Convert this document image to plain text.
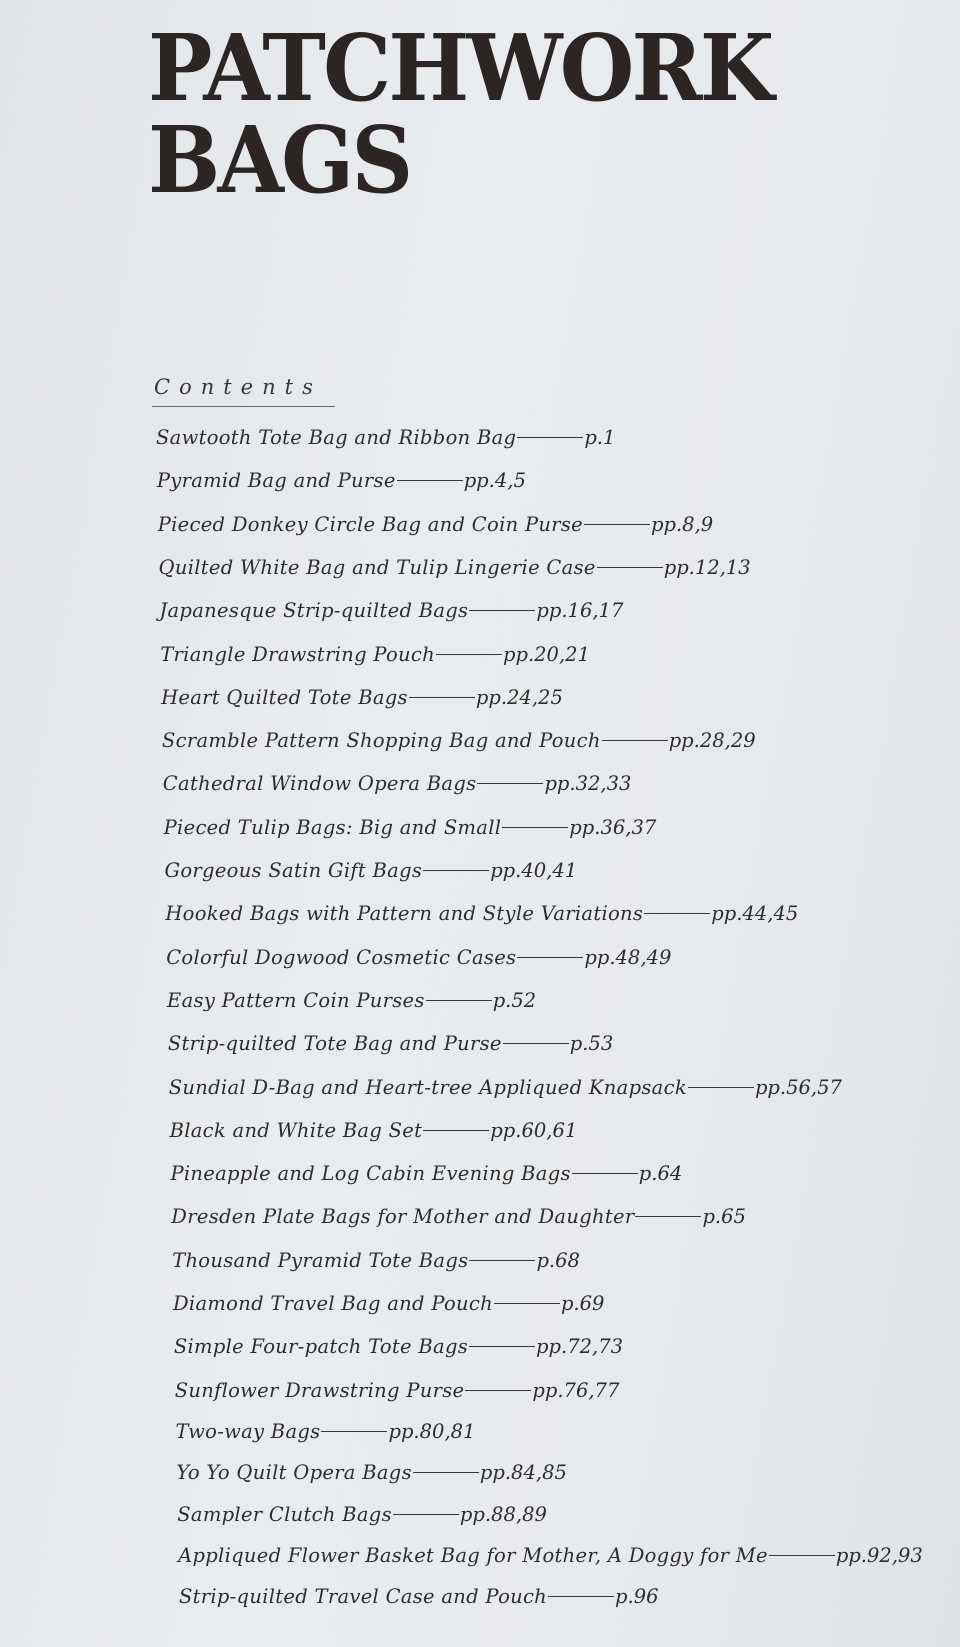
PATCHWORK
BAGS
Contents
Sawtooth Tote Bag and Ribbon Bag	p.1
Pyramid Bag and Purse	pp.4,5
Pieced Donkey Circle Bag and Coin Purse	pp.8,9
Quilted White Bag and Tulip Lingerie Case	pp.12,13
Japanesque Strip-quilted Bags	pp.16,17
Triangle Drawstring Pouch	pp.20,21
Heart Quilted Tote Bags	pp.24,25
Scramble Pattern Shopping Bag and Pouch	pp.28,29
Cathedral Window Opera Bags	pp.32,33
Pieced Tulip Bags: Big and Small	pp.36,37
Gorgeous Satin Gift Bags	pp.40,41
Hooked Bags with Pattern and Style Variations	pp.44,45
Colorful Dogwood Cosmetic Cases	pp.48,49
Easy Pattern Coin Purses	p.52
Strip-quilted Tote Bag and Purse	p.53
Sundial D-Bag and Heart-tree Appliqued Knapsack	pp.56,57
Black and White Bag Set	pp.60,61
Pineapple and Log Cabin Evening Bags	p.64
Dresden Plate Bags for Mother and Daughter	p.65
Thousand Pyramid Tote Bags	p.68
Diamond Travel Bag and Pouch	p.69
Simple Four-patch Tote Bags	pp.72,73
Sunflower Drawstring Purse	pp.76,77
Two-way Bags	pp.80,81
Yo Yo Quilt Opera Bags	pp.84,85
Sampler Clutch Bags	pp.88,89
Appliqued Flower Basket Bag for Mother, A Doggy for Me	pp.92,93
Strip-quilted Travel Case and Pouch	p.96
